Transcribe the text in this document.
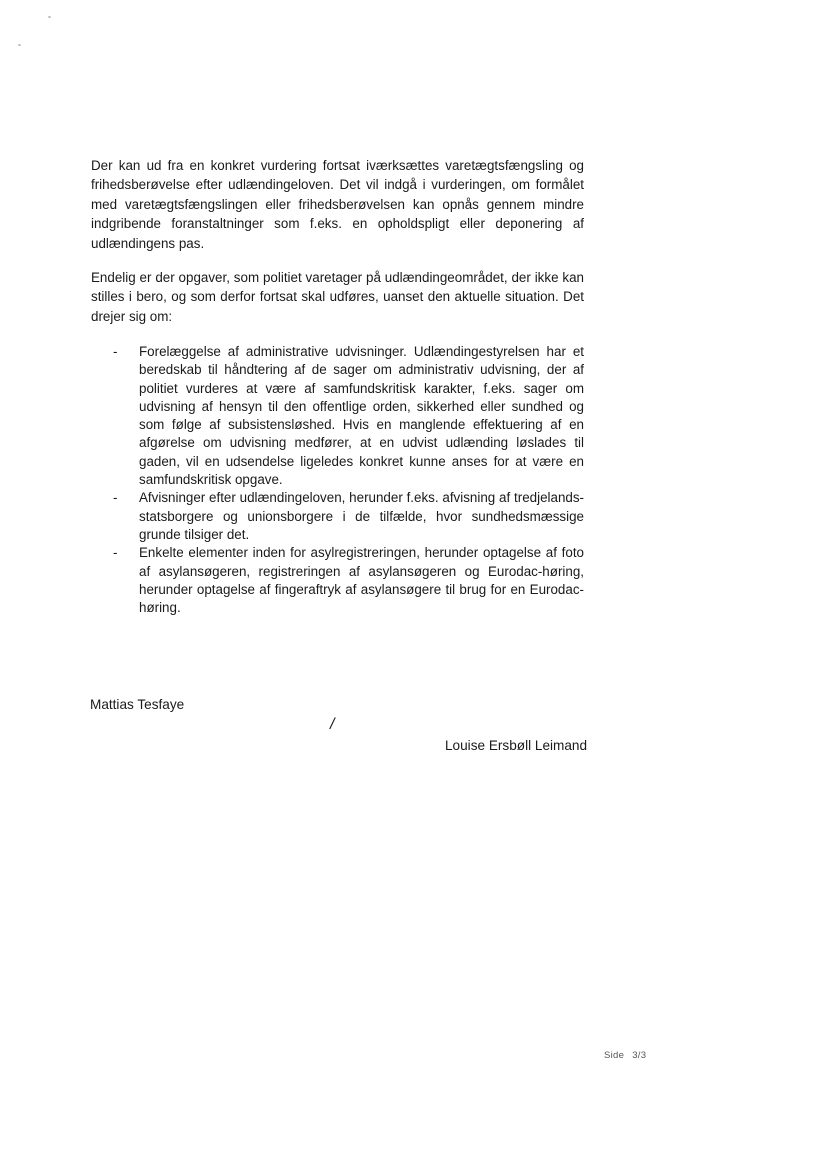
Der kan ud fra en konkret vurdering fortsat iværksættes varetægtsfængsling og frihedsberøvelse efter udlændingeloven. Det vil indgå i vurderingen, om formålet med varetægtsfængslingen eller frihedsberøvelsen kan opnås gennem mindre indgribende foranstaltninger som f.eks. en opholdspligt eller deponering af udlændingens pas.

Endelig er der opgaver, som politiet varetager på udlændingeområdet, der ikke kan stilles i bero, og som derfor fortsat skal udføres, uanset den aktuelle situation. Det drejer sig om:

- Forelæggelse af administrative udvisninger. Udlændingestyrelsen har et beredskab til håndtering af de sager om administrativ udvisning, der af politiet vurderes at være af samfundskritisk karakter, f.eks. sager om udvisning af hensyn til den offentlige orden, sikkerhed eller sundhed og som følge af subsistensløshed. Hvis en manglende effektuering af en afgørelse om udvisning medfører, at en udvist udlænding løslades til gaden, vil en udsendelse ligeledes konkret kunne anses for at være en samfundskritisk opgave.
- Afvisninger efter udlændingeloven, herunder f.eks. afvisning af tredjelands-statsborgere og unionsborgere i de tilfælde, hvor sundhedsmæssige grunde tilsiger det.
- Enkelte elementer inden for asylregistreringen, herunder optagelse af foto af asylansøgeren, registreringen af asylansøgeren og Eurodac-høring, herunder optagelse af fingeraftryk af asylansøgere til brug for en Eurodac-høring.
Mattias Tesfaye
/
Louise Ersbøll Leimand
Side 3/3
